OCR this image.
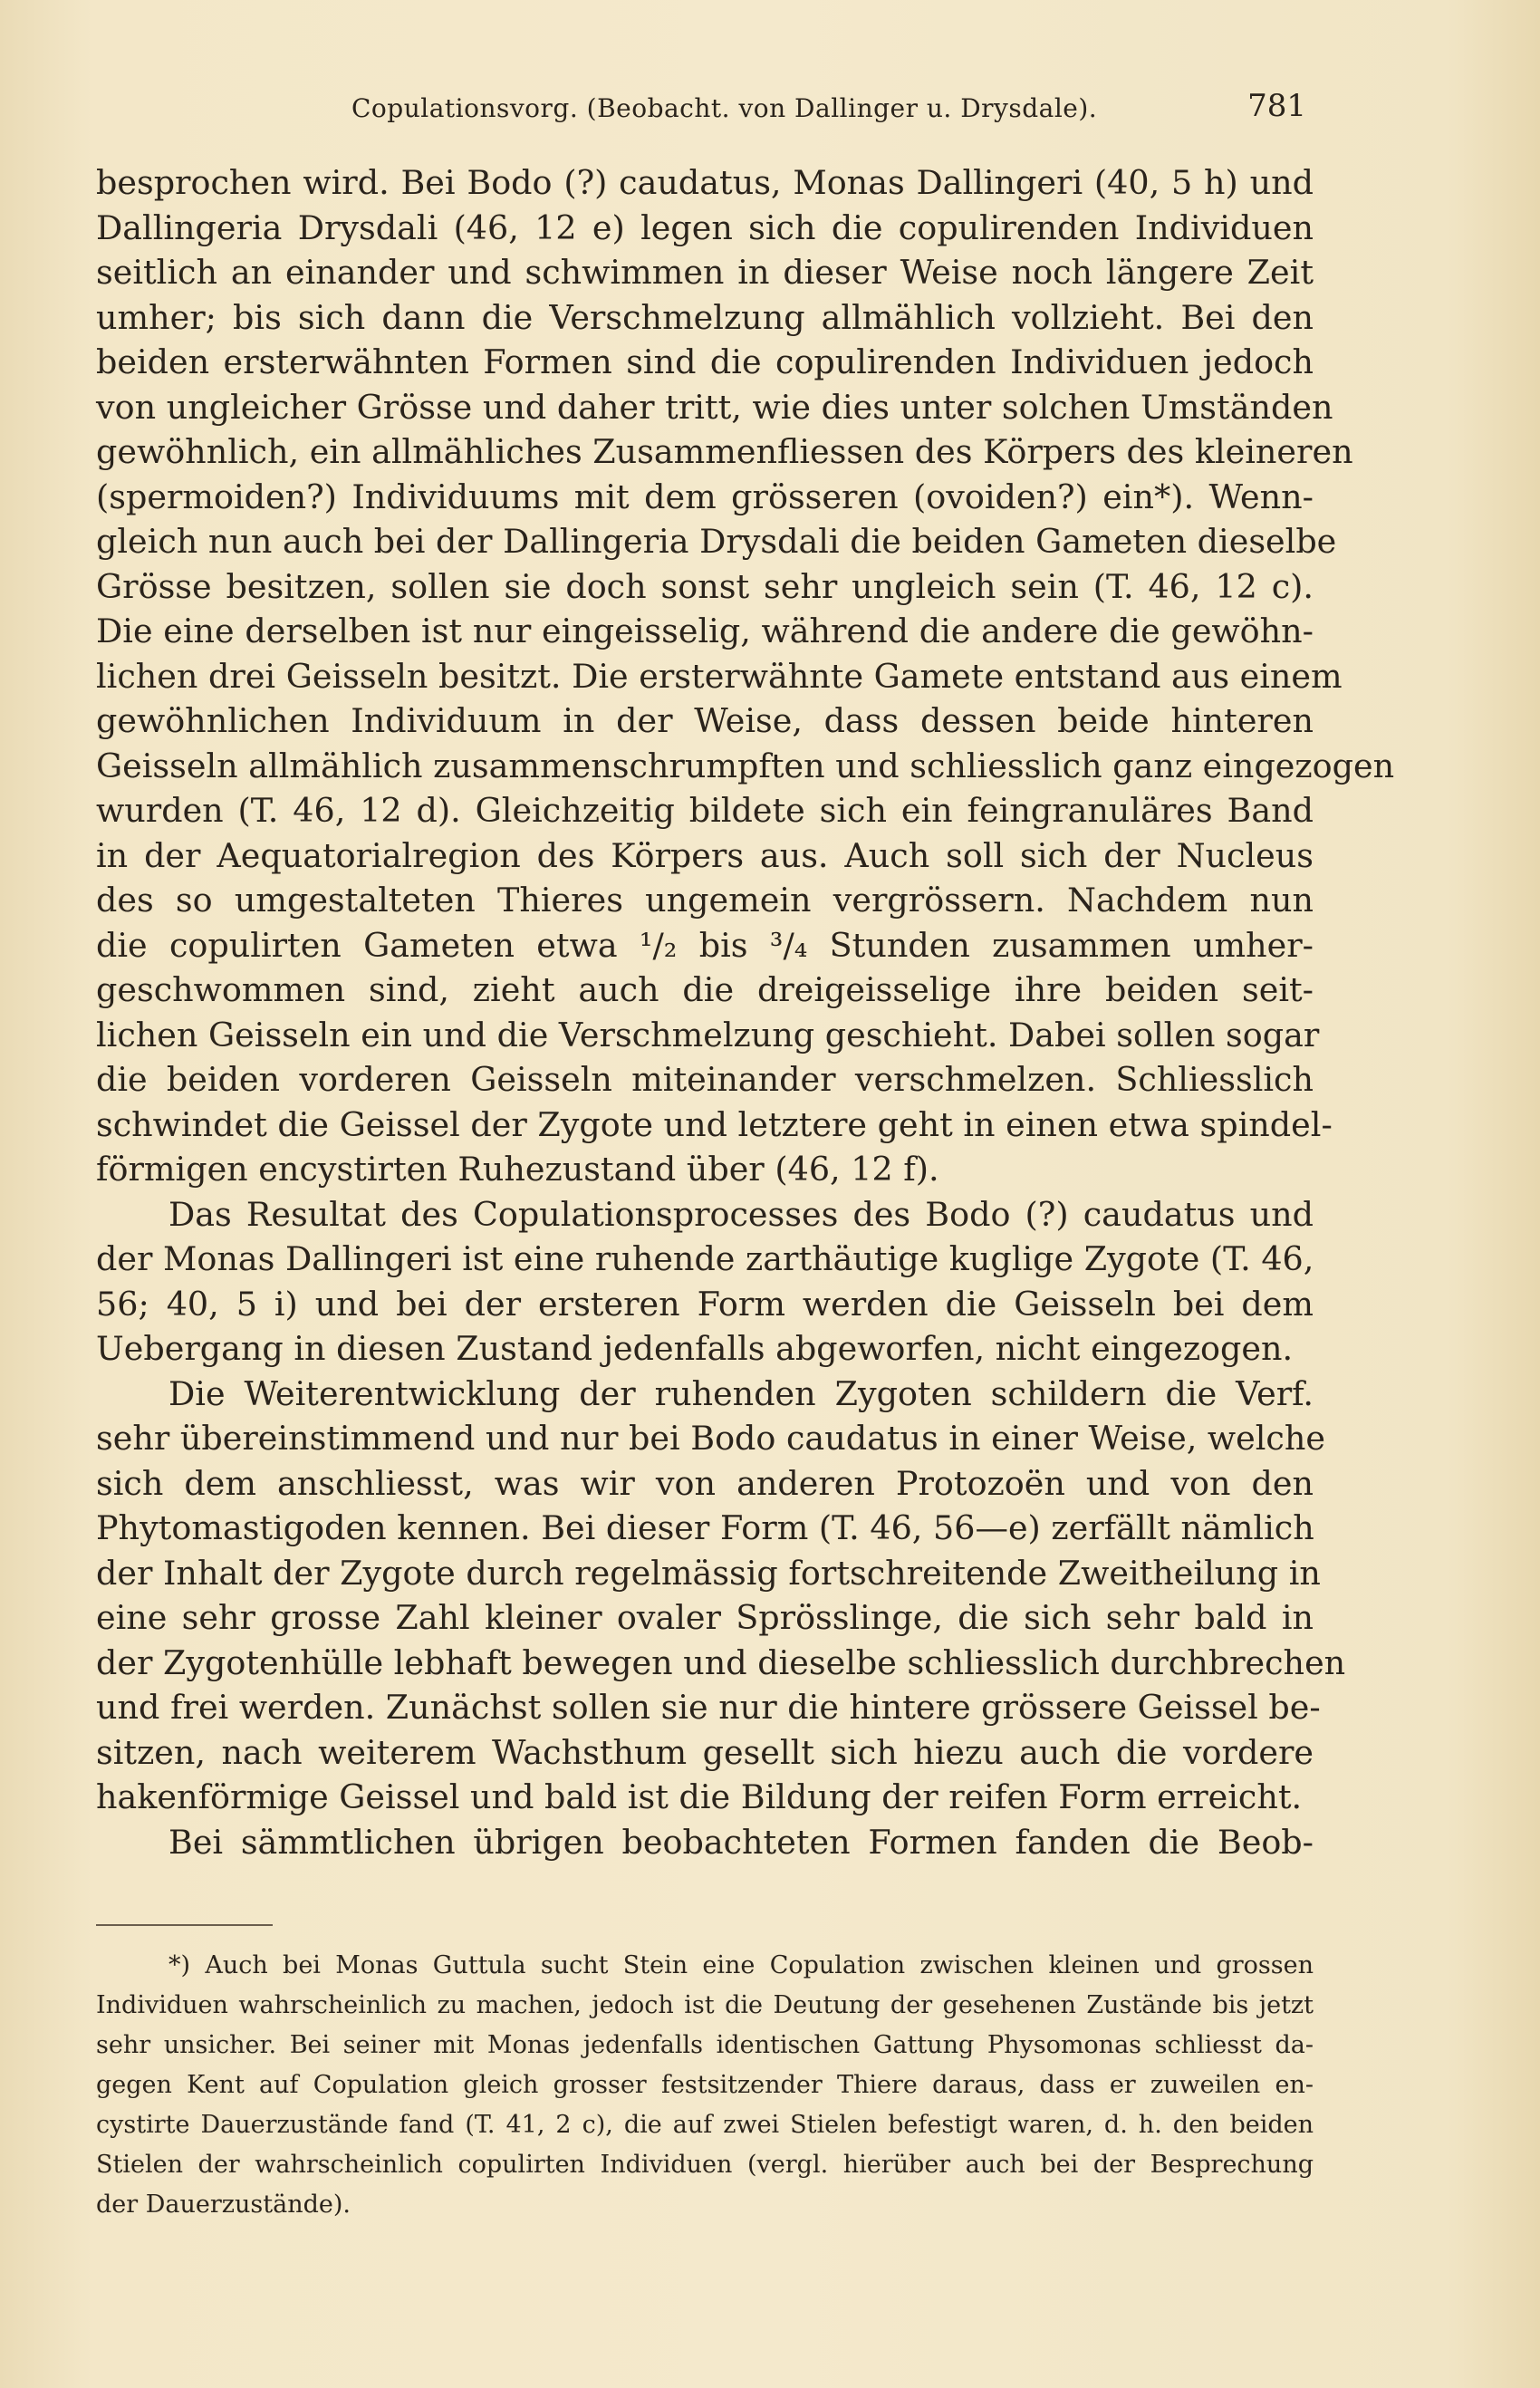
Copulationsvorg. (Beobacht. von Dallinger u. Drysdale).	781
besprochen wird. Bei Bodo (?) caudatus, Monas Dallingeri (40, 5 h) und
Dallingeria Drysdali (46, 12 e) legen sich die copulirenden Individuen
seitlich an einander und schwimmen in dieser Weise noch längere Zeit
umher; bis sich dann die Verschmelzung allmählich vollzieht. Bei den
beiden ersterwähnten Formen sind die copulirenden Individuen jedoch
von ungleicher Grösse und daher tritt, wie dies unter solchen Umständen
gewöhnlich, ein allmähliches Zusammenfliessen des Körpers des kleineren
(spermoiden?) Individuums mit dem grösseren (ovoiden?) ein*). Wenn-
gleich nun auch bei der Dallingeria Drysdali die beiden Gameten dieselbe
Grösse besitzen, sollen sie doch sonst sehr ungleich sein (T. 46, 12 c).
Die eine derselben ist nur eingeisselig, während die andere die gewöhn-
lichen drei Geisseln besitzt. Die ersterwähnte Gamete entstand aus einem
gewöhnlichen Individuum in der Weise, dass dessen beide hinteren
Geisseln allmählich zusammenschrumpften und schliesslich ganz eingezogen
wurden (T. 46, 12 d). Gleichzeitig bildete sich ein feingranuläres Band
in der Aequatorialregion des Körpers aus. Auch soll sich der Nucleus
des so umgestalteten Thieres ungemein vergrössern. Nachdem nun
die copulirten Gameten etwa ¹/₂ bis ³/₄ Stunden zusammen umher-
geschwommen sind, zieht auch die dreigeisselige ihre beiden seit-
lichen Geisseln ein und die Verschmelzung geschieht. Dabei sollen sogar
die beiden vorderen Geisseln miteinander verschmelzen. Schliesslich
schwindet die Geissel der Zygote und letztere geht in einen etwa spindel-
förmigen encystirten Ruhezustand über (46, 12 f).
Das Resultat des Copulationsprocesses des Bodo (?) caudatus und
der Monas Dallingeri ist eine ruhende zarthäutige kuglige Zygote (T. 46,
56; 40, 5 i) und bei der ersteren Form werden die Geisseln bei dem
Uebergang in diesen Zustand jedenfalls abgeworfen, nicht eingezogen.
Die Weiterentwicklung der ruhenden Zygoten schildern die Verf.
sehr übereinstimmend und nur bei Bodo caudatus in einer Weise, welche
sich dem anschliesst, was wir von anderen Protozoën und von den
Phytomastigoden kennen. Bei dieser Form (T. 46, 56—e) zerfällt nämlich
der Inhalt der Zygote durch regelmässig fortschreitende Zweitheilung in
eine sehr grosse Zahl kleiner ovaler Sprösslinge, die sich sehr bald in
der Zygotenhülle lebhaft bewegen und dieselbe schliesslich durchbrechen
und frei werden. Zunächst sollen sie nur die hintere grössere Geissel be-
sitzen, nach weiterem Wachsthum gesellt sich hiezu auch die vordere
hakenförmige Geissel und bald ist die Bildung der reifen Form erreicht.
Bei sämmtlichen übrigen beobachteten Formen fanden die Beob-
*) Auch bei Monas Guttula sucht Stein eine Copulation zwischen kleinen und grossen
Individuen wahrscheinlich zu machen, jedoch ist die Deutung der gesehenen Zustände bis jetzt
sehr unsicher. Bei seiner mit Monas jedenfalls identischen Gattung Physomonas schliesst da-
gegen Kent auf Copulation gleich grosser festsitzender Thiere daraus, dass er zuweilen en-
cystirte Dauerzustände fand (T. 41, 2 c), die auf zwei Stielen befestigt waren, d. h. den beiden
Stielen der wahrscheinlich copulirten Individuen (vergl. hierüber auch bei der Besprechung
der Dauerzustände).
